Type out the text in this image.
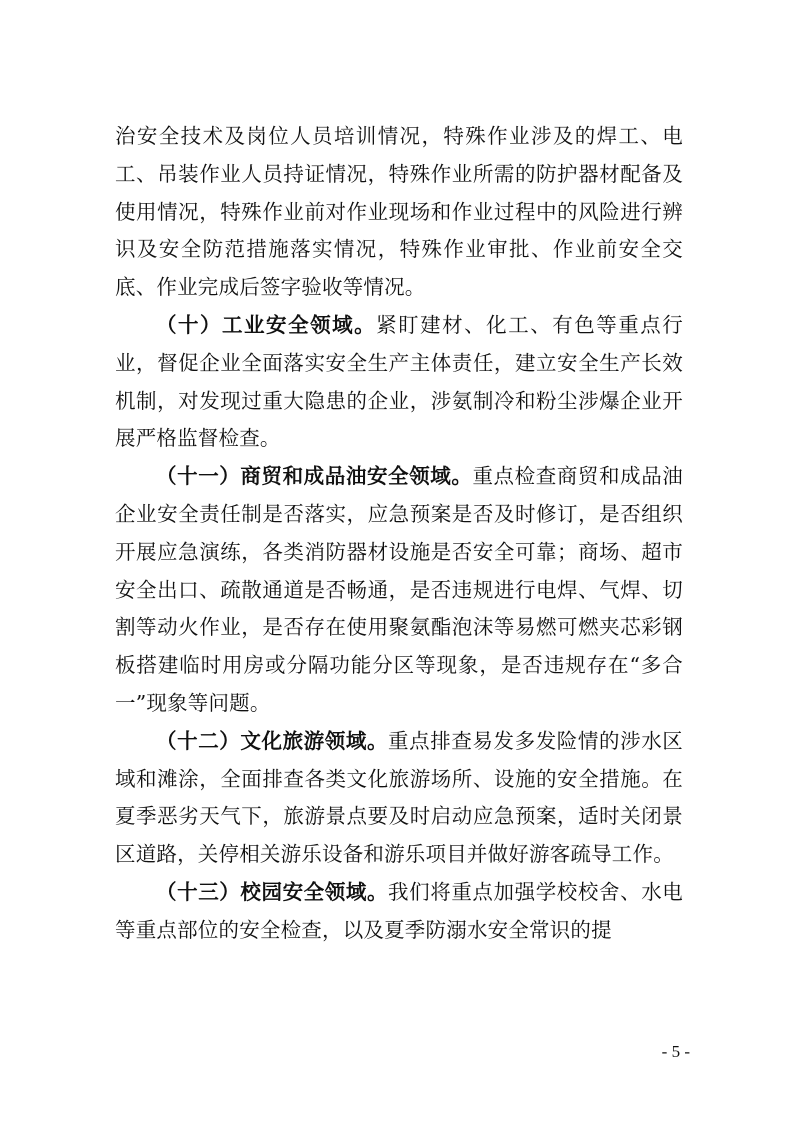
治安全技术及岗位人员培训情况，特殊作业涉及的焊工、电工、吊装作业人员持证情况，特殊作业所需的防护器材配备及使用情况，特殊作业前对作业现场和作业过程中的风险进行辨识及安全防范措施落实情况，特殊作业审批、作业前安全交底、作业完成后签字验收等情况。

（十）工业安全领域。紧盯建材、化工、有色等重点行业，督促企业全面落实安全生产主体责任，建立安全生产长效机制，对发现过重大隐患的企业，涉氨制冷和粉尘涉爆企业开展严格监督检查。

（十一）商贸和成品油安全领域。重点检查商贸和成品油企业安全责任制是否落实，应急预案是否及时修订，是否组织开展应急演练，各类消防器材设施是否安全可靠；商场、超市安全出口、疏散通道是否畅通，是否违规进行电焊、气焊、切割等动火作业，是否存在使用聚氨酯泡沫等易燃可燃夹芯彩钢板搭建临时用房或分隔功能分区等现象，是否违规存在“多合一”现象等问题。

（十二）文化旅游领域。重点排查易发多发险情的涉水区域和滩涂，全面排查各类文化旅游场所、设施的安全措施。在夏季恶劣天气下，旅游景点要及时启动应急预案，适时关闭景区道路，关停相关游乐设备和游乐项目并做好游客疏导工作。

（十三）校园安全领域。我们将重点加强学校校舍、水电等重点部位的安全检查，以及夏季防溺水安全常识的提

- 5 -
